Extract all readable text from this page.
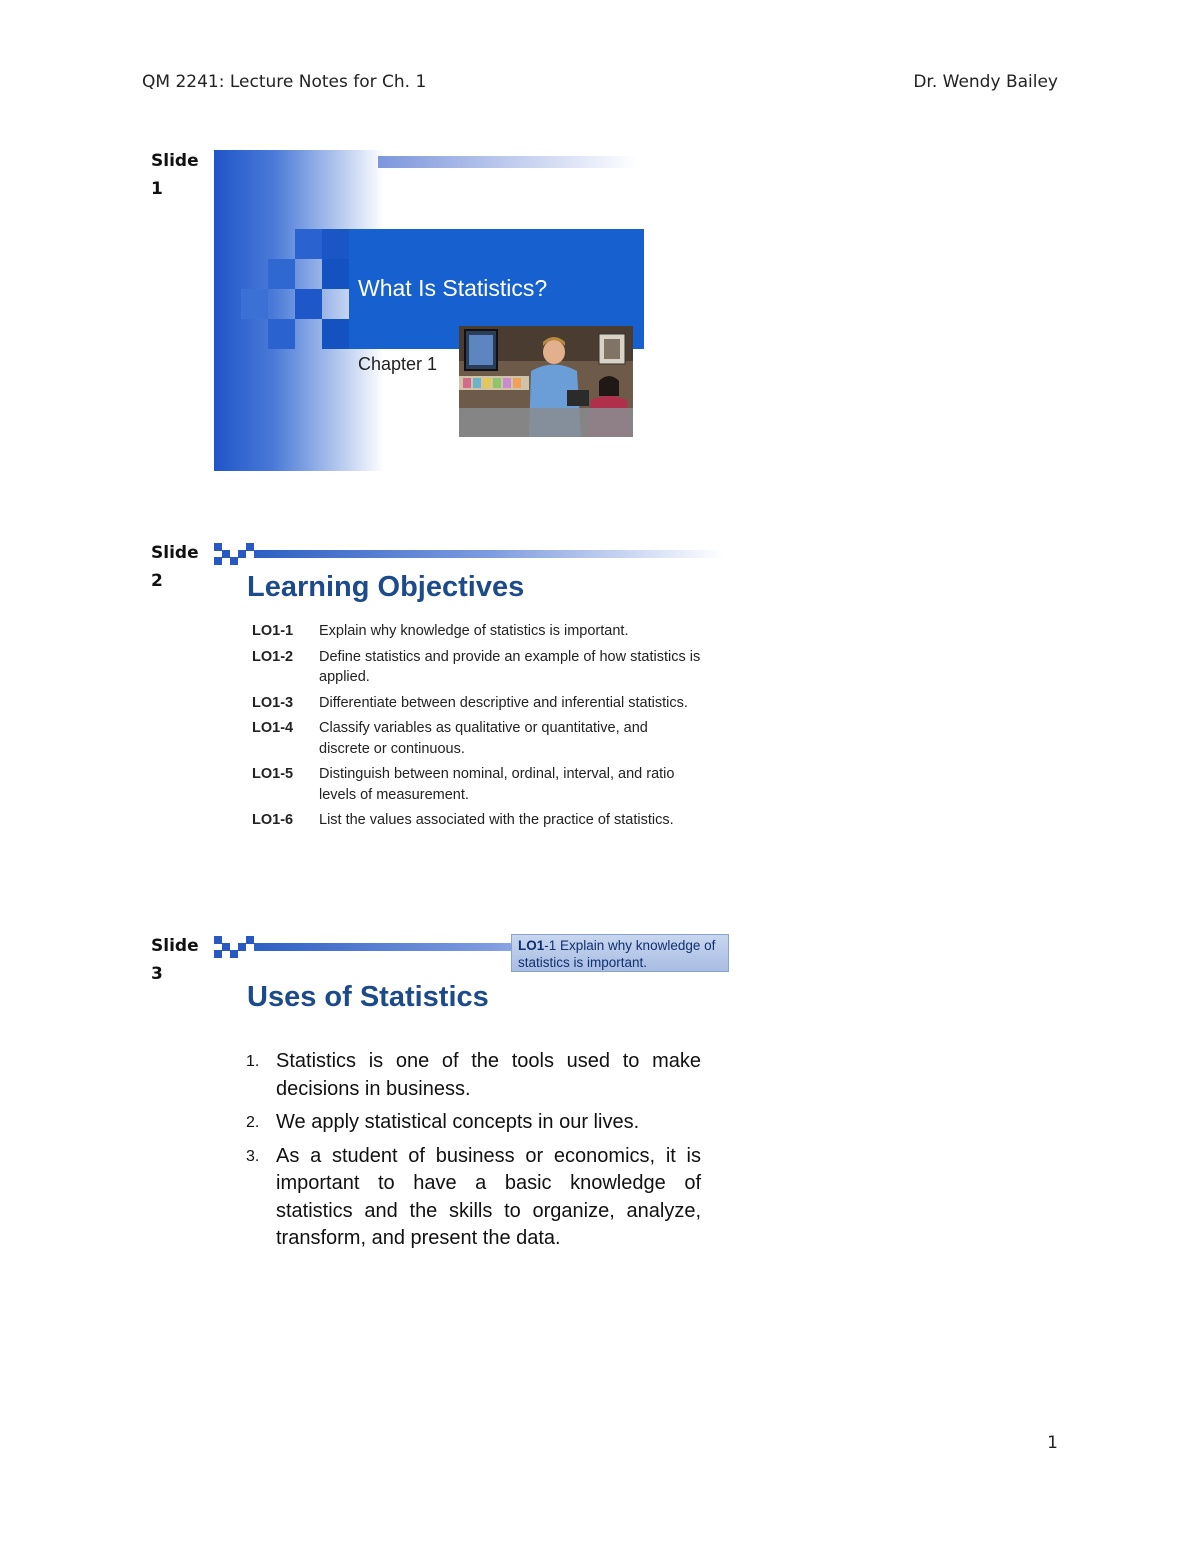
QM 2241: Lecture Notes for Ch. 1	Dr. Wendy Bailey
Slide 1
What Is Statistics?
Chapter 1
Slide 2	Learning Objectives
LO1-1	Explain why knowledge of statistics is important.
LO1-2	Define statistics and provide an example of how statistics is applied.
LO1-3	Differentiate between descriptive and inferential statistics.
LO1-4	Classify variables as qualitative or quantitative, and discrete or continuous.
LO1-5	Distinguish between nominal, ordinal, interval, and ratio levels of measurement.
LO1-6	List the values associated with the practice of statistics.
Slide 3
LO1-1 Explain why knowledge of statistics is important.
Uses of Statistics
1. Statistics is one of the tools used to make decisions in business.
2. We apply statistical concepts in our lives.
3. As a student of business or economics, it is important to have a basic knowledge of statistics and the skills to organize, analyze, transform, and present the data.
1
